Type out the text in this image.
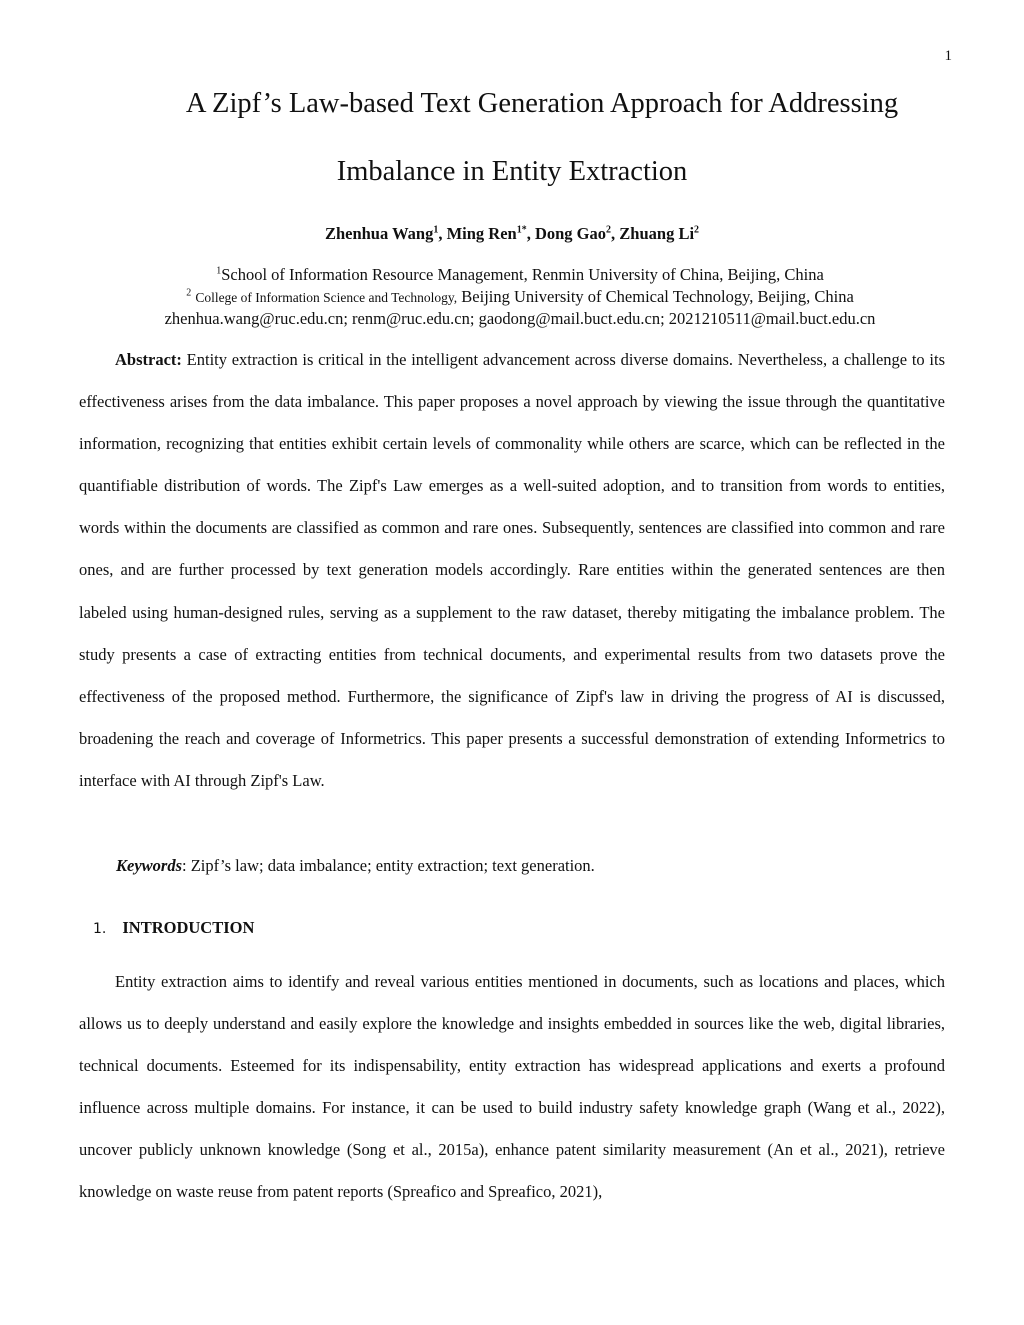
1
A Zipf’s Law-based Text Generation Approach for Addressing
Imbalance in Entity Extraction
Zhenhua Wang$^1$, Ming Ren$^{1*}$, Dong Gao$^2$, Zhuang Li$^2$
$^1$School of Information Resource Management, Renmin University of China, Beijing, China
$^2$ College of Information Science and Technology, Beijing University of Chemical Technology, Beijing, China
zhenhua.wang@ruc.edu.cn; renm@ruc.edu.cn; gaodong@mail.buct.edu.cn; 2021210511@mail.buct.edu.cn

Abstract: Entity extraction is critical in the intelligent advancement across diverse domains. Nevertheless, a challenge to its effectiveness arises from the data imbalance. This paper proposes a novel approach by viewing the issue through the quantitative information, recognizing that entities exhibit certain levels of commonality while others are scarce, which can be reflected in the quantifiable distribution of words. The Zipf's Law emerges as a well-suited adoption, and to transition from words to entities, words within the documents are classified as common and rare ones. Subsequently, sentences are classified into common and rare ones, and are further processed by text generation models accordingly. Rare entities within the generated sentences are then labeled using human-designed rules, serving as a supplement to the raw dataset, thereby mitigating the imbalance problem. The study presents a case of extracting entities from technical documents, and experimental results from two datasets prove the effectiveness of the proposed method. Furthermore, the significance of Zipf's law in driving the progress of AI is discussed, broadening the reach and coverage of Informetrics. This paper presents a successful demonstration of extending Informetrics to interface with AI through Zipf's Law.

Keywords: Zipf’s law; data imbalance; entity extraction; text generation.
1. INTRODUCTION

Entity extraction aims to identify and reveal various entities mentioned in documents, such as locations and places, which allows us to deeply understand and easily explore the knowledge and insights embedded in sources like the web, digital libraries, technical documents. Esteemed for its indispensability, entity extraction has widespread applications and exerts a profound influence across multiple domains. For instance, it can be used to build industry safety knowledge graph (Wang et al., 2022), uncover publicly unknown knowledge (Song et al., 2015a), enhance patent similarity measurement (An et al., 2021), retrieve knowledge on waste reuse from patent reports (Spreafico and Spreafico, 2021),
